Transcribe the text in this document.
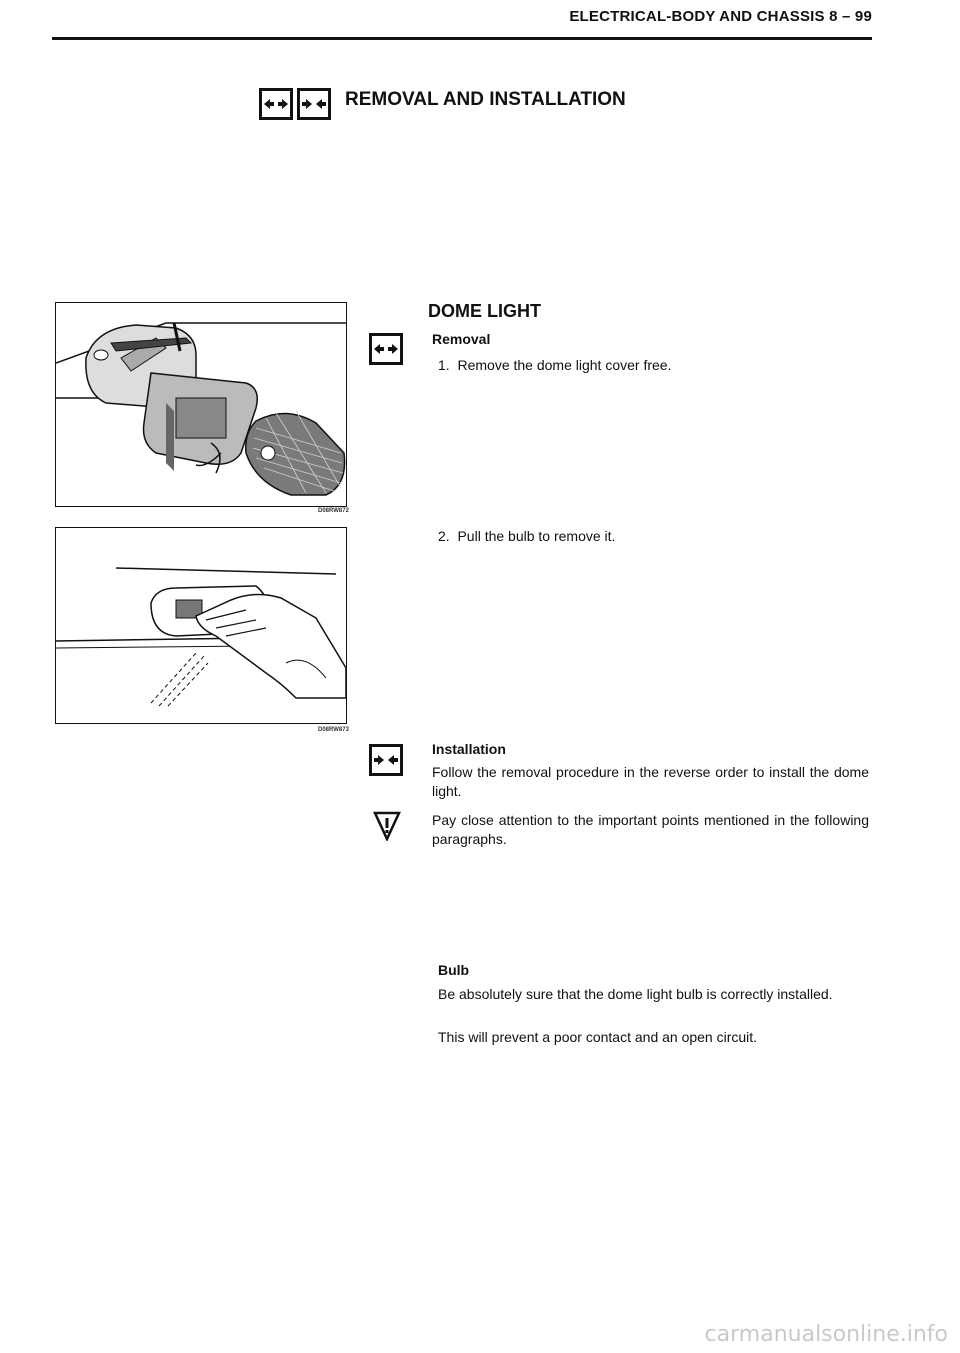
ELECTRICAL-BODY AND CHASSIS 8 – 99
REMOVAL AND INSTALLATION
D08RW872
D08RW873
DOME LIGHT
Removal
1. Remove the dome light cover free.
2. Pull the bulb to remove it.
Installation
Follow the removal procedure in the reverse order to install the dome light.
Pay close attention to the important points mentioned in the following paragraphs.
Bulb
Be absolutely sure that the dome light bulb is correctly installed.
This will prevent a poor contact and an open circuit.
carmanualsonline.info
